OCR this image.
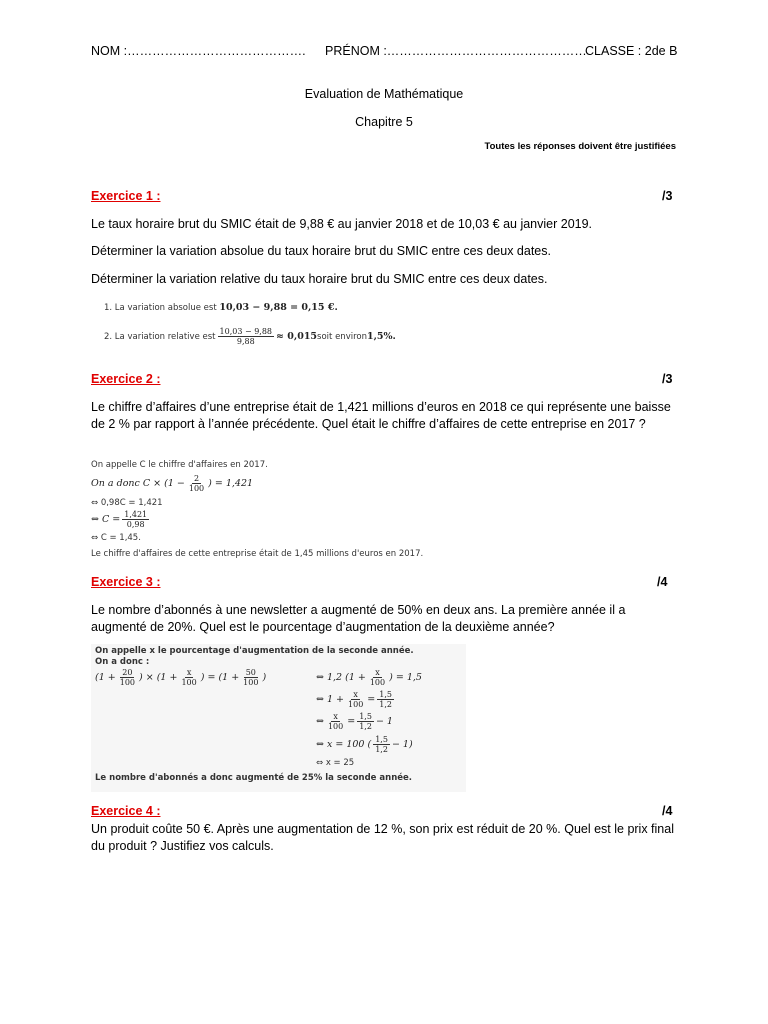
NOM :……………………………………. PRÉNOM :…………………………………………
CLASSE : 2de B
Evaluation de Mathématique
Chapitre 5
Toutes les réponses doivent être justifiées
Exercice 1 :	/3
Le taux horaire brut du SMIC était de 9,88 € au janvier 2018 et de 10,03 € au janvier 2019.
Déterminer la variation absolue du taux horaire brut du SMIC entre ces deux dates.
Déterminer la variation relative du taux horaire brut du SMIC entre ces deux dates.
1. La variation absolue est 10,03 − 9,88 = 0,15 €.
2. La variation relative est $\frac{10,03 - 9,88}{9,88} \approx 0,015$ soit environ 1,5%.
Exercice 2 :	/3
Le chiffre d’affaires d’une entreprise était de 1,421 millions d’euros en 2018 ce qui représente une baisse de 2 % par rapport à l’année précédente. Quel était le chiffre d’affaires de cette entreprise en 2017 ?
On appelle C le chiffre d'affaires en 2017.
On a donc $C \times (1 - \frac{2}{100}$ ) = 1,421
⇔ 0,98C = 1,421
⇔ $C = \frac{1,421}{0,98}$
⇔ C = 1,45.
Le chiffre d'affaires de cette entreprise était de 1,45 millions d'euros en 2017.
Exercice 3 :	/4
Le nombre d’abonnés à une newsletter a augmenté de 50% en deux ans. La première année il a augmenté de 20%. Quel est le pourcentage d’augmentation de la deuxième année?
On appelle x le pourcentage d'augmentation de la seconde année.
On a donc :
($1 + \frac{20}{100}$ ) × ($1 + \frac{x}{100}$ ) = ($1 + \frac{50}{100}$ )	⇔ 1,2 ($1 + \frac{x}{100}$ ) = 1,5
⇔ $1 + \frac{x}{100} = \frac{1,5}{1,2}$
⇔ $\frac{x}{100} = \frac{1,5}{1,2} - 1$
⇔ x = 100 ( $\frac{1,5}{1,2} - 1$)
⇔ x = 25
Le nombre d'abonnés a donc augmenté de 25% la seconde année.
Exercice 4 :	/4
Un produit coûte 50 €. Après une augmentation de 12 %, son prix est réduit de 20 %. Quel est le prix final du produit ? Justifiez vos calculs.
